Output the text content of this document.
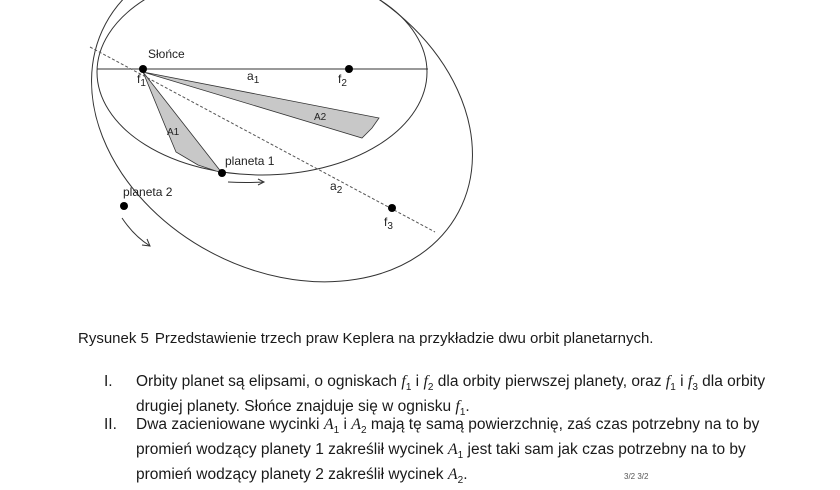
Słońce
$f_1$	$f_2$
$f_3$
$a_1$
$a_2$
A1
A2
planeta 1
planeta 2
Rysunek 5 Przedstawienie trzech praw Keplera na przykładzie dwu orbit planetarnych.
I.	Orbity planet są elipsami, o ogniskach $f_1$ i $f_2$ dla orbity pierwszej planety, oraz $f_1$ i $f_3$ dla orbity drugiej planety. Słońce znajduje się w ognisku $f_1$.
II.	Dwa zacieniowane wycinki $A_1$ i $A_2$ mają tę samą powierzchnię, zaś czas potrzebny na to by promień wodzący planety 1 zakreślił wycinek $A_1$ jest taki sam jak czas potrzebny na to by promień wodzący planety 2 zakreślił wycinek $A_2$.	3/2 3/2
